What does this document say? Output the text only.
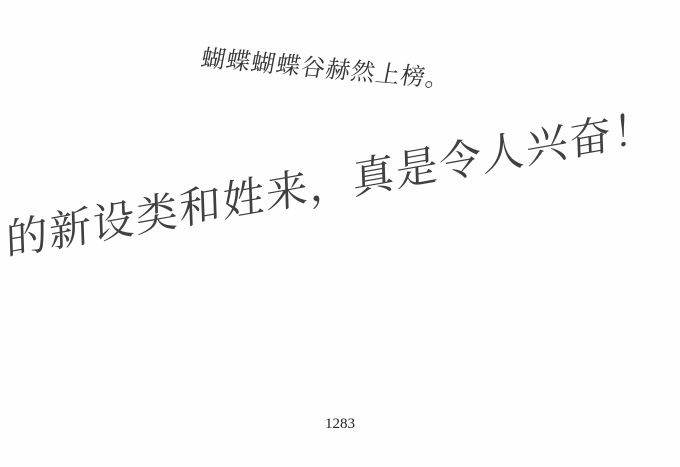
蝴蝶蝴蝶谷赫然上榜。
的新设类和姓来，真是令人兴奋！
1283
